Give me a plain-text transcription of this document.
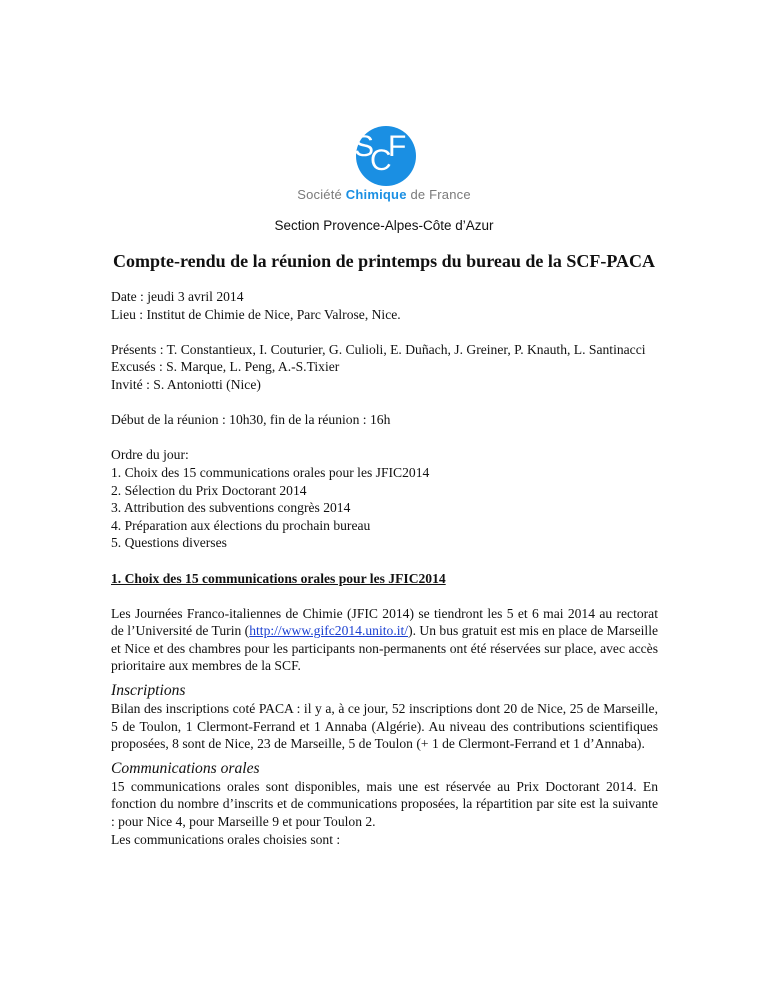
S
C
F
Société Chimique de France
Section Provence-Alpes-Côte d’Azur
Compte-rendu de la réunion de printemps du bureau de la SCF-PACA

Date : jeudi 3 avril 2014

Lieu : Institut de Chimie de Nice, Parc Valrose, Nice.

Présents : T. Constantieux, I. Couturier, G. Culioli, E. Duñach, J. Greiner, P. Knauth, L. Santinacci

Excusés : S. Marque, L. Peng, A.-S.Tixier

Invité : S. Antoniotti (Nice)

Début de la réunion : 10h30, fin de la réunion : 16h

Ordre du jour:

1. Choix des 15 communications orales pour les JFIC2014

2. Sélection du Prix Doctorant 2014

3. Attribution des subventions congrès 2014

4. Préparation aux élections du prochain bureau

5. Questions diverses

1. Choix des 15 communications orales pour les JFIC2014

Les Journées Franco-italiennes de Chimie (JFIC 2014) se tiendront les 5 et 6 mai 2014 au rectorat de l’Université de Turin (http://www.gifc2014.unito.it/). Un bus gratuit est mis en place de Marseille et Nice et des chambres pour les participants non-permanents ont été réservées sur place, avec accès prioritaire aux membres de la SCF.

Inscriptions

Bilan des inscriptions coté PACA : il y a, à ce jour, 52 inscriptions dont 20 de Nice, 25 de Marseille, 5 de Toulon, 1 Clermont-Ferrand et 1 Annaba (Algérie). Au niveau des contributions scientifiques proposées, 8 sont de Nice, 23 de Marseille, 5 de Toulon (+ 1 de Clermont-Ferrand et 1 d’Annaba).

Communications orales

15 communications orales sont disponibles, mais une est réservée au Prix Doctorant 2014. En fonction du nombre d’inscrits et de communications proposées, la répartition par site est la suivante : pour Nice 4, pour Marseille 9 et pour Toulon 2.

Les communications orales choisies sont :
